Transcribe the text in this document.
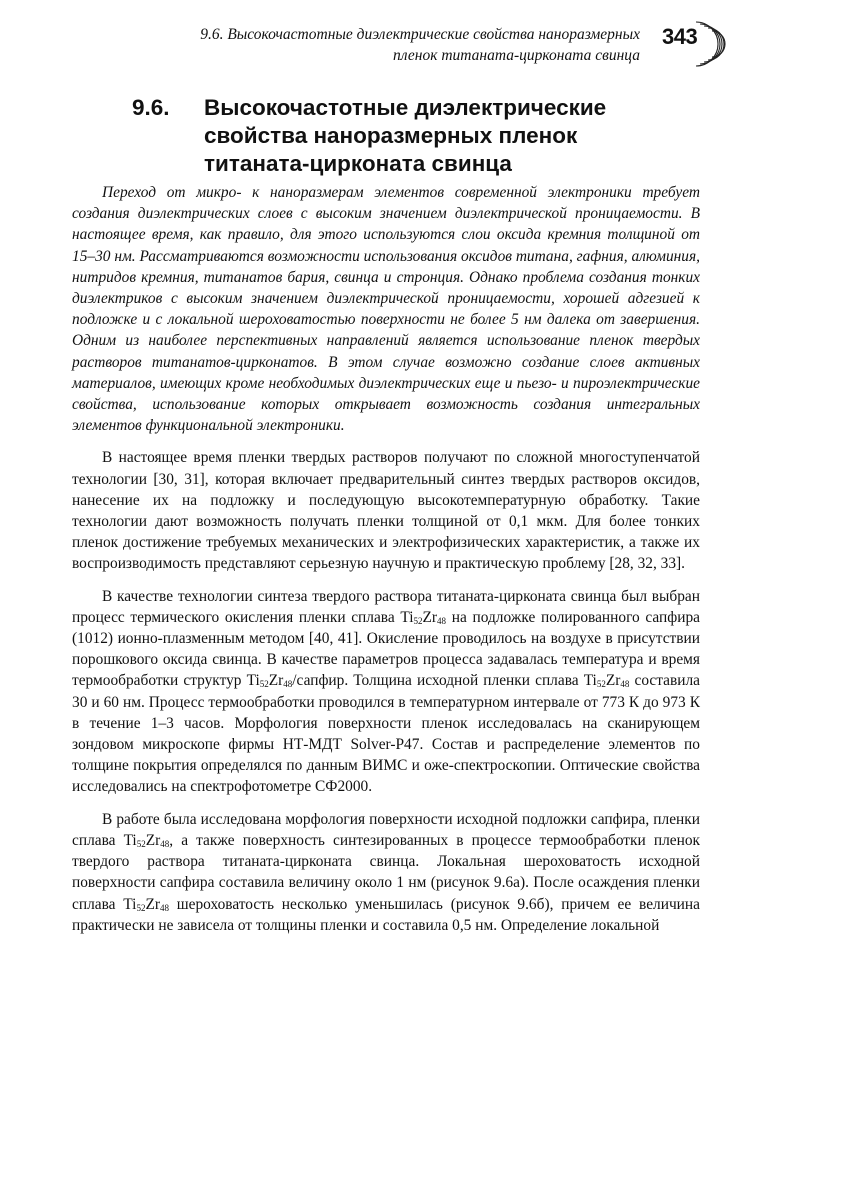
9.6. Высокочастотные диэлектрические свойства наноразмерных
пленок титаната-цирконата свинца
343
9.6. Высокочастотные диэлектрические
свойства наноразмерных пленок
титаната-цирконата свинца

Переход от микро- к наноразмерам элементов современной электроники требует создания диэлектрических слоев с высоким значением диэлектрической проницаемости. В настоящее время, как правило, для этого используются слои оксида кремния толщиной от 15–30 нм. Рассматриваются возможности использования оксидов титана, гафния, алюминия, нитридов кремния, титанатов бария, свинца и стронция. Однако проблема создания тонких диэлектриков с высоким значением диэлектрической проницаемости, хорошей адгезией к подложке и с локальной шероховатостью поверхности не более 5 нм далека от завершения. Одним из наиболее перспективных направлений является использование пленок твердых растворов титанатов-цирконатов. В этом случае возможно создание слоев активных материалов, имеющих кроме необходимых диэлектрических еще и пьезо- и пироэлектрические свойства, использование которых открывает возможность создания интегральных элементов функциональной электроники.

В настоящее время пленки твердых растворов получают по сложной многоступенчатой технологии [30, 31], которая включает предварительный синтез твердых растворов оксидов, нанесение их на подложку и последующую высокотемпературную обработку. Такие технологии дают возможность получать пленки толщиной от 0,1 мкм. Для более тонких пленок достижение требуемых механических и электрофизических характеристик, а также их воспроизводимость представляют серьезную научную и практическую проблему [28, 32, 33].

В качестве технологии синтеза твердого раствора титаната-цирконата свинца был выбран процесс термического окисления пленки сплава $Ti_{52}Zr_{48}$ на подложке полированного сапфира (1012) ионно-плазменным методом [40, 41]. Окисление проводилось на воздухе в присутствии порошкового оксида свинца. В качестве параметров процесса задавалась температура и время термообработки структур $Ti_{52}Zr_{48}$/сапфир. Толщина исходной пленки сплава $Ti_{52}Zr_{48}$ составила 30 и 60 нм. Процесс термообработки проводился в температурном интервале от 773 К до 973 К в течение 1–3 часов. Морфология поверхности пленок исследовалась на сканирующем зондовом микроскопе фирмы НТ-МДТ Solver-P47. Состав и распределение элементов по толщине покрытия определялся по данным ВИМС и оже-спектроскопии. Оптические свойства исследовались на спектрофотометре СФ2000.

В работе была исследована морфология поверхности исходной подложки сапфира, пленки сплава $Ti_{52}Zr_{48}$, а также поверхность синтезированных в процессе термообработки пленок твердого раствора титаната-цирконата свинца. Локальная шероховатость исходной поверхности сапфира составила величину около 1 нм (рисунок 9.6а). После осаждения пленки сплава $Ti_{52}Zr_{48}$ шероховатость несколько уменьшилась (рисунок 9.6б), причем ее величина практически не зависела от толщины пленки и составила 0,5 нм. Определение локальной
